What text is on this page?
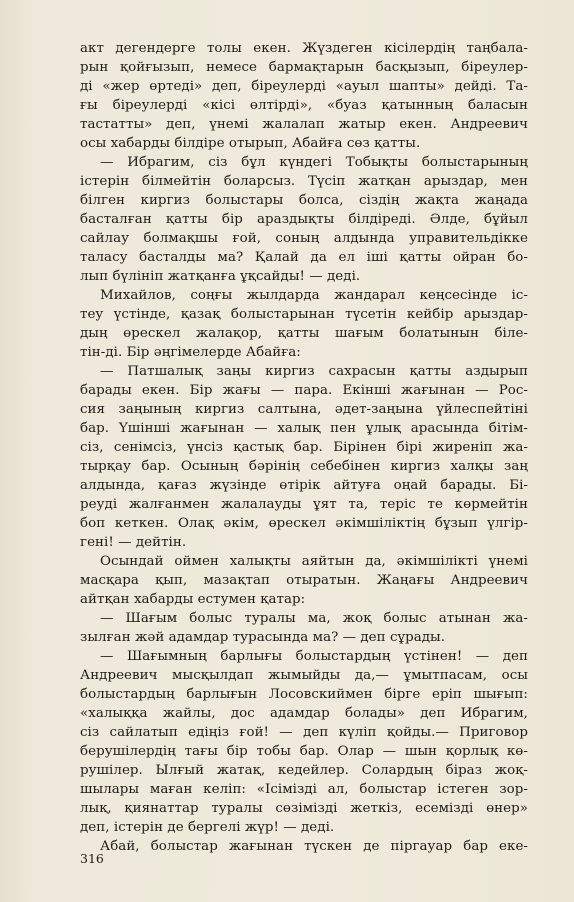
акт дегендерге толы екен. Жүздеген кісілердің таңбала-
рын қойғызып, немесе бармақтарын басқызып, біреулер-
ді «жер өртеді» деп, біреулерді «ауыл шапты» дейді. Та-
ғы біреулерді «кісі өлтірді», «буаз қатынның баласын
тастатты» деп, үнемі жалалап жатыр екен. Андреевич
осы хабарды білдіре отырып, Абайға сөз қатты.
— Ибрагим, сіз бұл күндегі Тобықты болыстарының
істерін білмейтін боларсыз. Түсіп жатқан арыздар, мен
білген киргиз болыстары болса, сіздің жақта жаңада
басталған қатты бір араздықты білдіреді. Әлде, бұйыл
сайлау болмақшы ғой, соның алдында управительдікке
таласу басталды ма? Қалай да ел іші қатты ойран бо-
лып бүлініп жатқанға ұқсайды! — деді.
Михайлов, соңғы жылдарда жандарал кеңсесінде іс-
теу үстінде, қазақ болыстарынан түсетін кейбір арыздар-
дың өрескел жалақор, қатты шағым болатынын біле-
тін-ді. Бір әңгімелерде Абайға:
— Патшалық заңы киргиз сахрасын қатты аздырып
барады екен. Бір жағы — пара. Екінші жағынан — Рос-
сия заңының киргиз салтына, әдет-заңына үйлеспейтіні
бар. Үшінші жағынан — халық пен ұлық арасында бітім-
сіз, сенімсіз, үнсіз қастық бар. Бірінен бірі жиреніп жа-
тырқау бар. Осының бәрінің себебінен киргиз халқы заң
алдында, қағаз жүзінде өтірік айтуға оңай барады. Бі-
реуді жалғанмен жалалауды ұят та, теріс те көрмейтін
боп кеткен. Олақ әкім, өрескел әкімшіліктің бұзып үлгір-
гені! — дейтін.
Осындай оймен халықты аяйтын да, әкімшілікті үнемі
масқара қып, мазақтап отыратын. Жаңағы Андреевич
айтқан хабарды естумен қатар:
— Шағым болыс туралы ма, жоқ болыс атынан жа-
зылған жәй адамдар турасында ма? — деп сұрады.
— Шағымның барлығы болыстардың үстінен! — деп
Андреевич мысқылдап жымыйды да,— ұмытпасам, осы
болыстардың барлығын Лосовскиймен бірге еріп шығып:
«халыққа жайлы, дос адамдар болады» деп Ибрагим,
сіз сайлатып едіңіз ғой! — деп күліп қойды.— Приговор
берушілердің тағы бір тобы бар. Олар — шын қорлық кө-
рушілер. Ылғый жатақ, кедейлер. Солардың біраз жоқ-
шылары маған келіп: «Ісімізді ал, болыстар істеген зор-
лық, қиянаттар туралы сөзімізді жеткіз, есемізді өнер»
деп, істерін де бергелі жүр! — деді.
Абай, болыстар жағынан түскен де піргауар бар еке-
316
